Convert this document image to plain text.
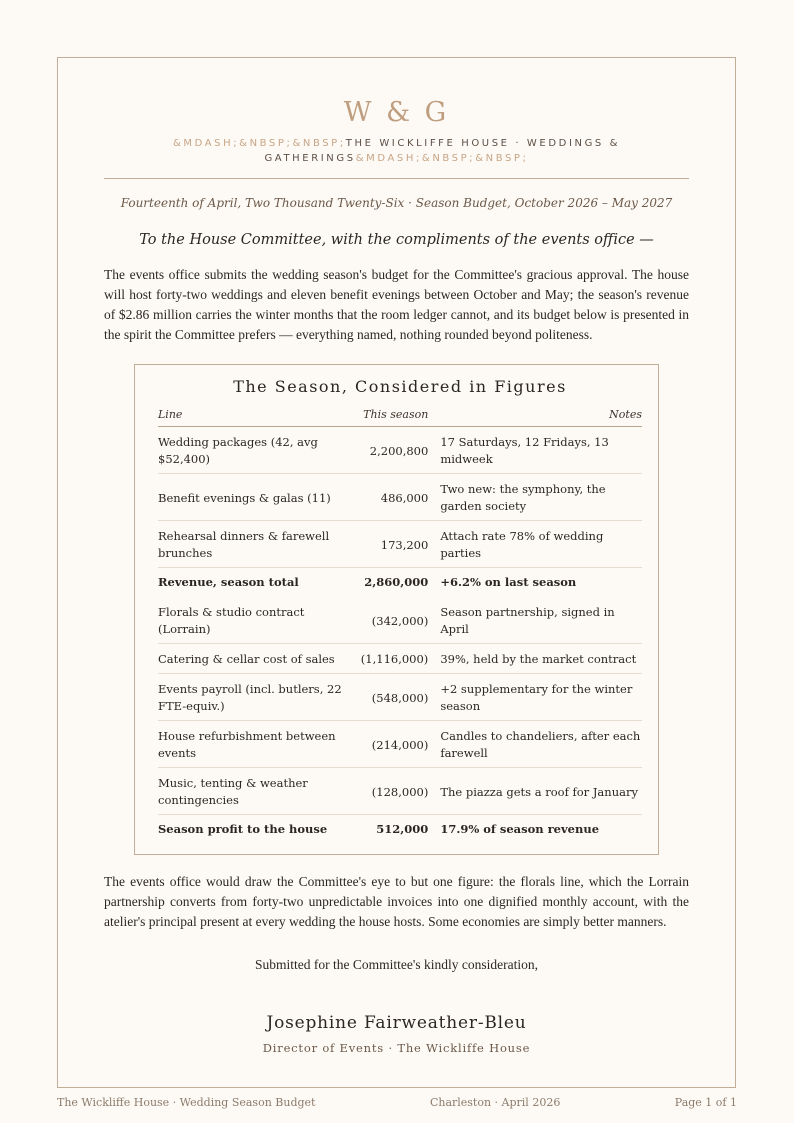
W & G
&MDASH;&NBSP;&NBSP;THE WICKLIFFE HOUSE · WEDDINGS & GATHERINGS&MDASH;&NBSP;&NBSP;
Fourteenth of April, Two Thousand Twenty-Six · Season Budget, October 2026 – May 2027
To the House Committee, with the compliments of the events office —

The events office submits the wedding season's budget for the Committee's gracious approval. The house will host forty-two weddings and eleven benefit evenings between October and May; the season's revenue of $2.86 million carries the winter months that the room ledger cannot, and its budget below is presented in the spirit the Committee prefers — everything named, nothing rounded beyond politeness.

The Season, Considered in Figures
Line	This season	Notes
Wedding packages (42, avg $52,400)	2,200,800	17 Saturdays, 12 Fridays, 13 midweek
Benefit evenings & galas (11)	486,000	Two new: the symphony, the garden society
Rehearsal dinners & farewell brunches	173,200	Attach rate 78% of wedding parties
Revenue, season total	2,860,000	+6.2% on last season
Florals & studio contract (Lorrain)	(342,000)	Season partnership, signed in April
Catering & cellar cost of sales	(1,116,000)	39%, held by the market contract
Events payroll (incl. butlers, 22 FTE-equiv.)	(548,000)	+2 supplementary for the winter season
House refurbishment between events	(214,000)	Candles to chandeliers, after each farewell
Music, tenting & weather contingencies	(128,000)	The piazza gets a roof for January
Season profit to the house	512,000	17.9% of season revenue

The events office would draw the Committee's eye to but one figure: the florals line, which the Lorrain partnership converts from forty-two unpredictable invoices into one dignified monthly account, with the atelier's principal present at every wedding the house hosts. Some economies are simply better manners.

Submitted for the Committee's kindly consideration,
Josephine Fairweather-Bleu
Director of Events · The Wickliffe House
The Wickliffe House · Wedding Season Budget	Charleston · April 2026	Page 1 of 1
